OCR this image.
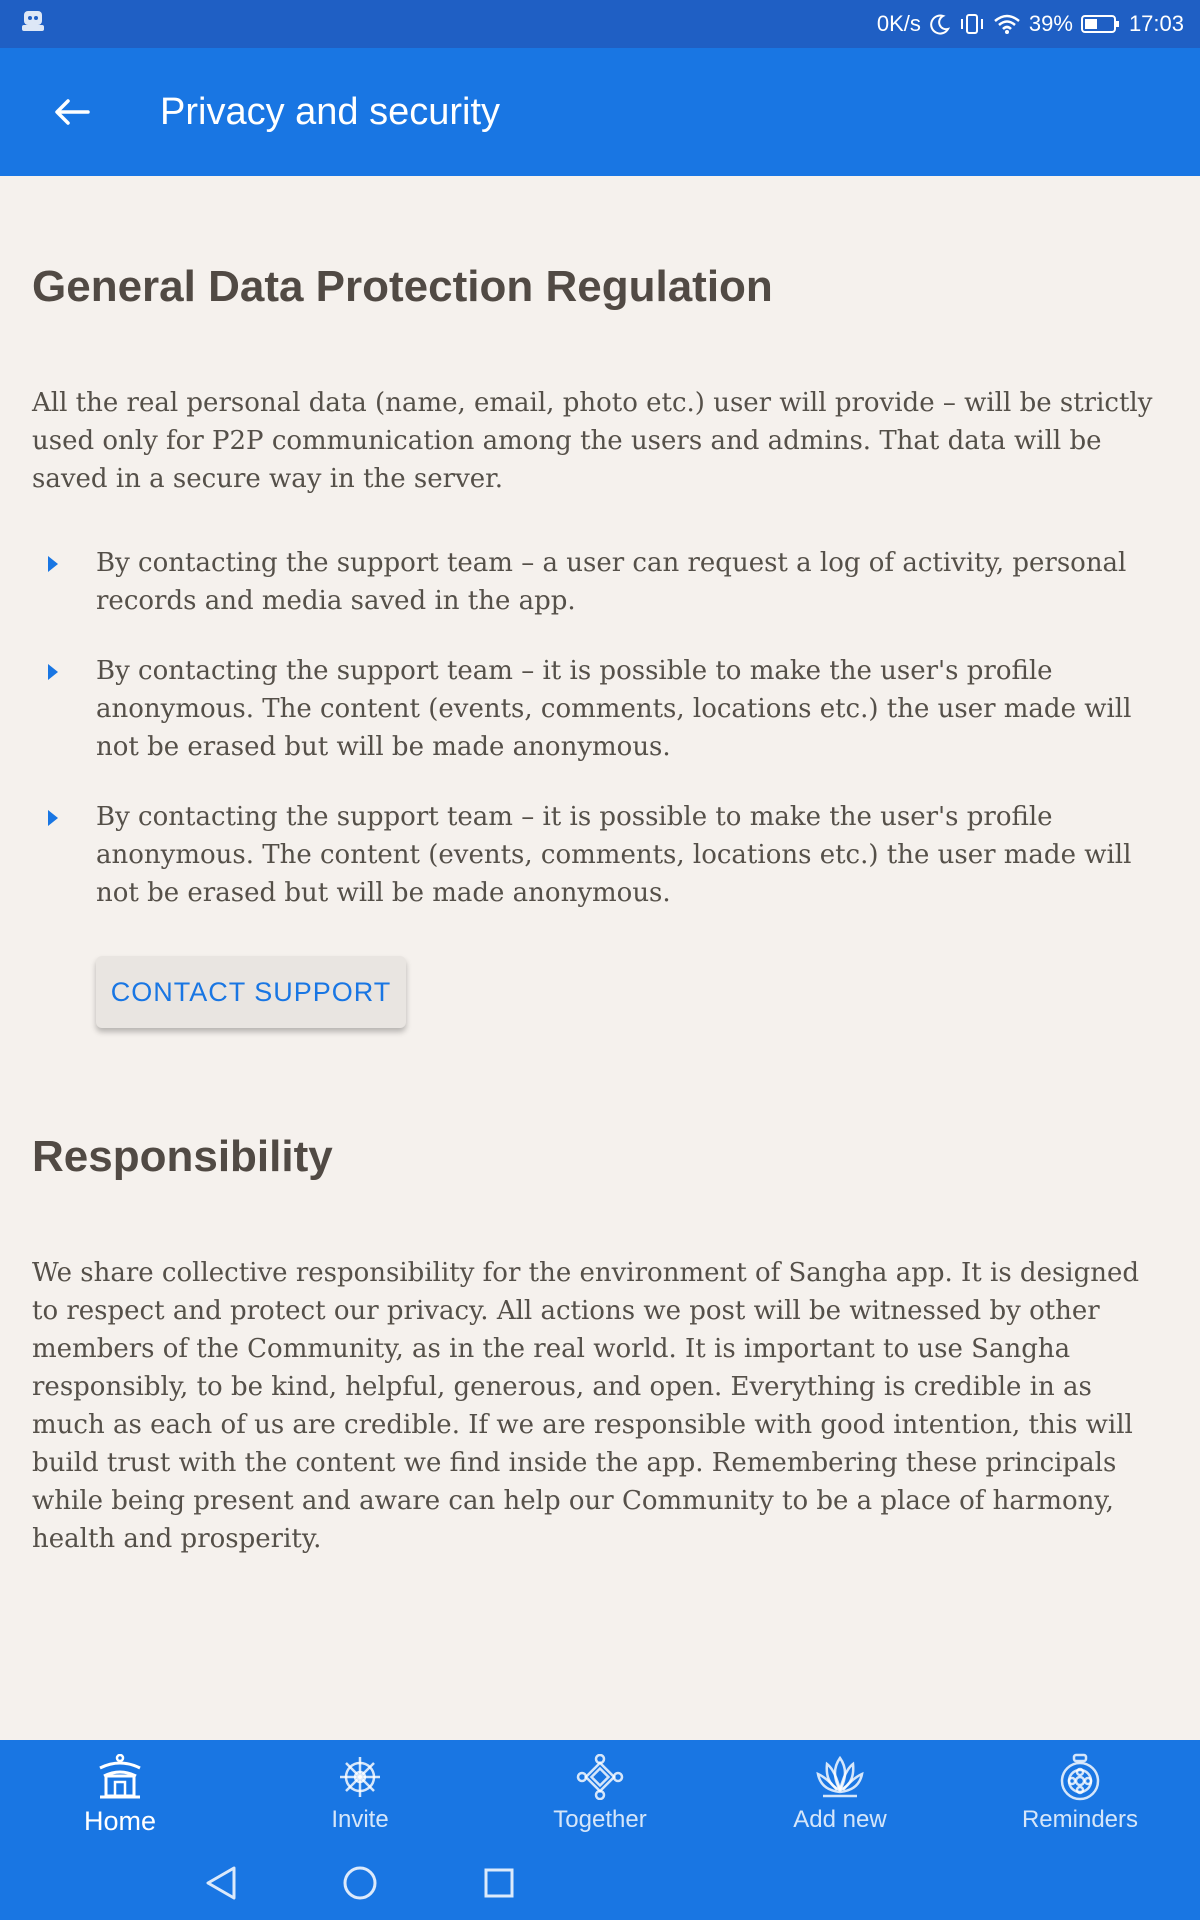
0K/s	39%	17:03
Privacy and security
General Data Protection Regulation

All the real personal data (name, email, photo etc.) user will provide – will be strictly used only for P2P communication among the users and admins. That data will be saved in a secure way in the server.

By contacting the support team – a user can request a log of activity, personal records and media saved in the app.
By contacting the support team – it is possible to make the user's profile anonymous. The content (events, comments, locations etc.) the user made will not be erased but will be made anonymous.
By contacting the support team – it is possible to make the user's profile anonymous. The content (events, comments, locations etc.) the user made will not be erased but will be made anonymous.
CONTACT SUPPORT
Responsibility

We share collective responsibility for the environment of Sangha app. It is designed to respect and protect our privacy. All actions we post will be witnessed by other members of the Community, as in the real world. It is important to use Sangha responsibly, to be kind, helpful, generous, and open. Everything is credible in as much as each of us are credible. If we are responsible with good intention, this will build trust with the content we find inside the app. Remembering these principals while being present and aware can help our Community to be a place of harmony, health and prosperity.

Home	Invite	Together	Add new	Reminders
